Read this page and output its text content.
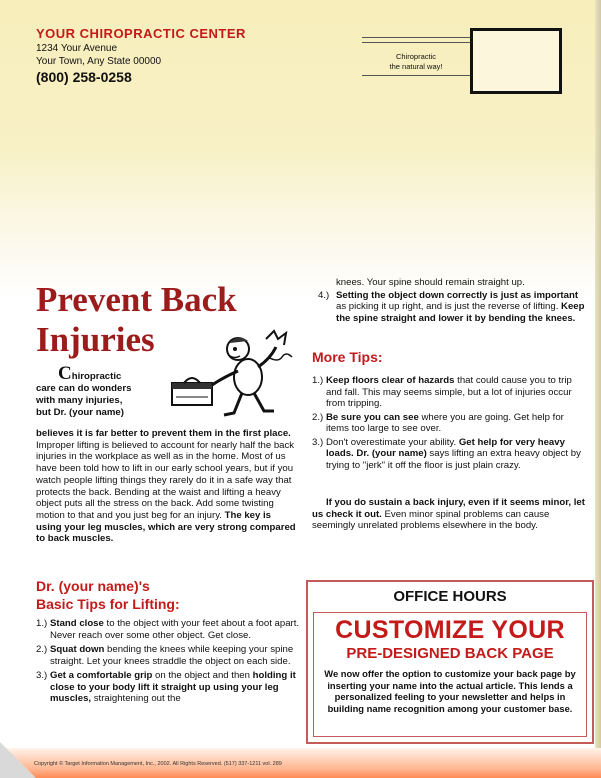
YOUR CHIROPRACTIC CENTER
1234 Your Avenue
Your Town, Any State 00000
(800) 258-0258
Chiropractic
the natural way!
Prevent Back
Injuries
Chiropractic
care can do wonders
with many injuries,
but Dr. (your name)
believes it is far better to prevent them in the first place. Improper lifting is believed to account for nearly half the back injuries in the workplace as well as in the home. Most of us have been told how to lift in our early school years, but if you watch people lifting things they rarely do it in a safe way that protects the back. Bending at the waist and lifting a heavy object puts all the stress on the back. Add some twisting motion to that and you just beg for an injury. The key is using your leg muscles, which are very strong compared to back muscles.
Dr. (your name)'s
Basic Tips for Lifting:
1.) Stand close to the object with your feet about a foot apart. Never reach over some other object. Get close.
2.) Squat down bending the knees while keeping your spine straight. Let your knees straddle the object on each side.
3.) Get a comfortable grip on the object and then holding it close to your body lift it straight up using your leg muscles, straightening out the
knees. Your spine should remain straight up.
4.) Setting the object down correctly is just as important as picking it up right, and is just the reverse of lifting. Keep the spine straight and lower it by bending the knees.
More Tips:
1.) Keep floors clear of hazards that could cause you to trip and fall. This may seems simple, but a lot of injuries occur from tripping.
2.) Be sure you can see where you are going. Get help for items too large to see over.
3.) Don't overestimate your ability. Get help for very heavy loads. Dr. (your name) says lifting an extra heavy object by trying to "jerk" it off the floor is just plain crazy.
If you do sustain a back injury, even if it seems minor, let us check it out. Even minor spinal problems can cause seemingly unrelated problems elsewhere in the body.
OFFICE HOURS
CUSTOMIZE YOUR
PRE-DESIGNED BACK PAGE
We now offer the option to customize your back page by inserting your name into the actual article. This lends a personalized feeling to your newsletter and helps in building name recognition among your customer base.
Copyright © Target Information Management, Inc., 2002. All Rights Reserved. (517) 337-1211 vol. 289
